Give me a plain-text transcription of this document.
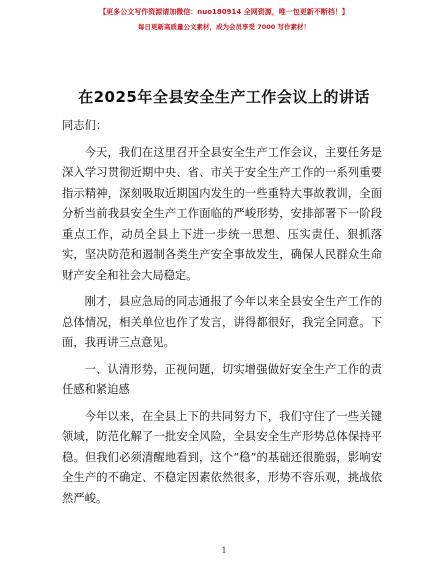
【更多公文写作资源请加微信：nuo180914 全网资源，唯一包更新不断档！】
每日更新高质量公文素材，成为会员享受 7000 写作素材！
在2025年全县安全生产工作会议上的讲话

同志们：

今天，我们在这里召开全县安全生产工作会议，主要任务是深入学习贯彻近期中央、省、市关于安全生产工作的一系列重要指示精神，深刻吸取近期国内发生的一些重特大事故教训，全面分析当前我县安全生产工作面临的严峻形势，安排部署下一阶段重点工作，动员全县上下进一步统一思想、压实责任、狠抓落实，坚决防范和遏制各类生产安全事故发生，确保人民群众生命财产安全和社会大局稳定。

刚才，县应急局的同志通报了今年以来全县安全生产工作的总体情况，相关单位也作了发言，讲得都很好，我完全同意。下面，我再讲三点意见。

一、认清形势，正视问题，切实增强做好安全生产工作的责任感和紧迫感

今年以来，在全县上下的共同努力下，我们守住了一些关键领域，防范化解了一批安全风险，全县安全生产形势总体保持平稳。但我们必须清醒地看到，这个“稳”的基础还很脆弱，影响安全生产的不确定、不稳定因素依然很多，形势不容乐观，挑战依然严峻。

1
